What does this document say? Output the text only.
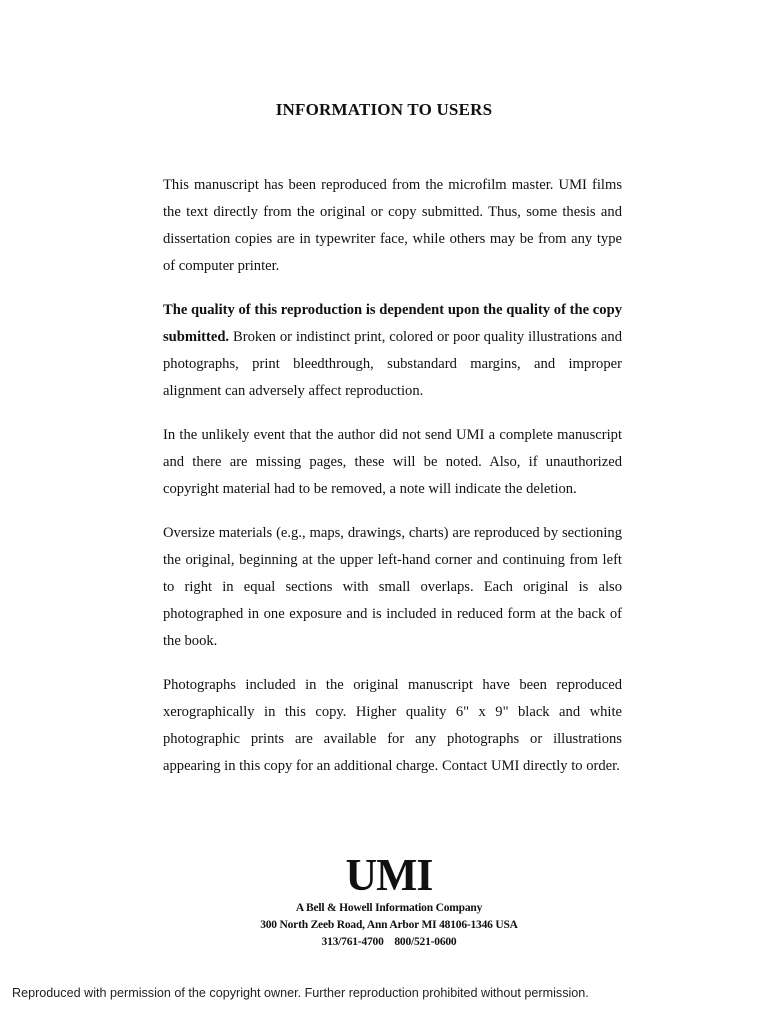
INFORMATION TO USERS

This manuscript has been reproduced from the microfilm master. UMI films the text directly from the original or copy submitted. Thus, some thesis and dissertation copies are in typewriter face, while others may be from any type of computer printer.

The quality of this reproduction is dependent upon the quality of the copy submitted. Broken or indistinct print, colored or poor quality illustrations and photographs, print bleedthrough, substandard margins, and improper alignment can adversely affect reproduction.

In the unlikely event that the author did not send UMI a complete manuscript and there are missing pages, these will be noted. Also, if unauthorized copyright material had to be removed, a note will indicate the deletion.

Oversize materials (e.g., maps, drawings, charts) are reproduced by sectioning the original, beginning at the upper left-hand corner and continuing from left to right in equal sections with small overlaps. Each original is also photographed in one exposure and is included in reduced form at the back of the book.

Photographs included in the original manuscript have been reproduced xerographically in this copy. Higher quality 6" x 9" black and white photographic prints are available for any photographs or illustrations appearing in this copy for an additional charge. Contact UMI directly to order.

UMI
A Bell & Howell Information Company
300 North Zeeb Road, Ann Arbor MI 48106-1346 USA
313/761-4700    800/521-0600
Reproduced with permission of the copyright owner. Further reproduction prohibited without permission.
